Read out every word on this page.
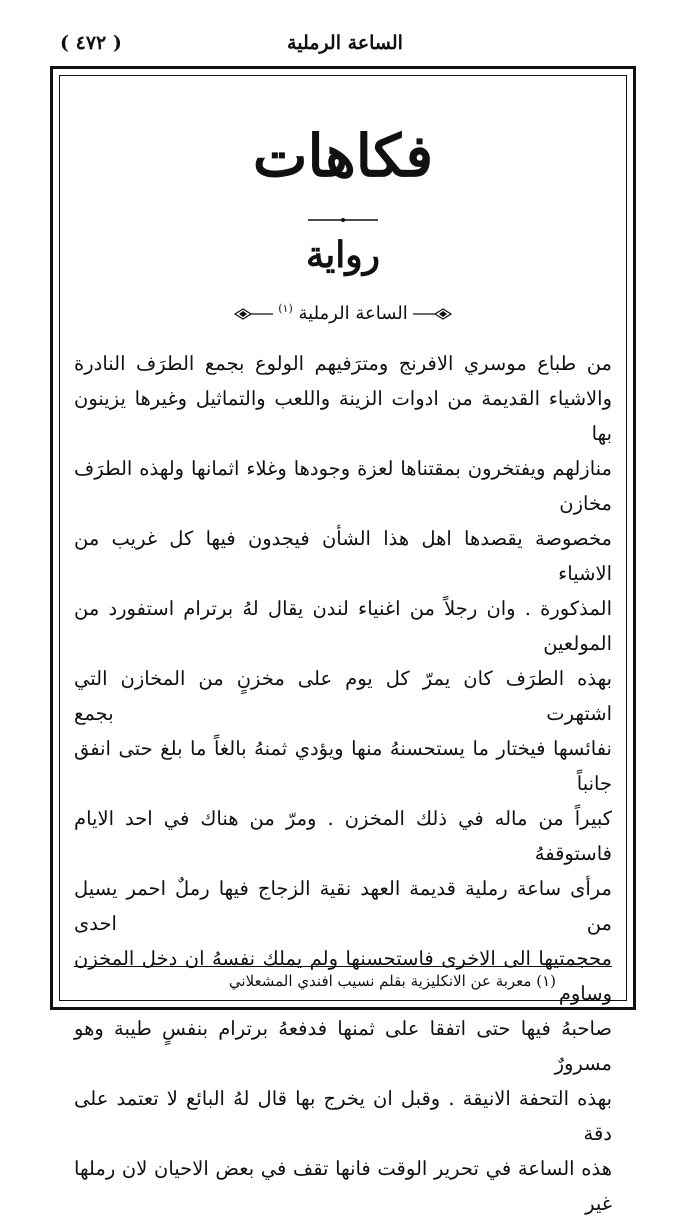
الساعة الرملية
( ٤٧٢ )
فكاهات
رواية
الساعة الرملية $^{(١)}$

من طباع موسري الافرنج ومترَفيهم الولوع بجمع الطرَف النادرة

والاشياء القديمة من ادوات الزينة واللعب والتماثيل وغيرها يزينون بها

منازلهم ويفتخرون بمقتناها لعزة وجودها وغلاء اثمانها ولهذه الطرَف مخازن

مخصوصة يقصدها اهل هذا الشأن فيجدون فيها كل غريب من الاشياء

المذكورة . وان رجلاً من اغنياء لندن يقال لهُ برترام استفورد من المولعين

بهذه الطرَف كان يمرّ كل يوم على مخزنٍ من المخازن التي اشتهرت بجمع

نفائسها فيختار ما يستحسنهُ منها ويؤدي ثمنهُ بالغاً ما بلغ حتى انفق جانباً

كبيراً من ماله في ذلك المخزن . ومرّ من هناك في احد الايام فاستوقفهُ

مرأى ساعة رملية قديمة العهد نقية الزجاج فيها رملٌ احمر يسيل من احدى

محجمتيها الى الاخرى فاستحسنها ولم يملك نفسهُ ان دخل المخزن وساوم

صاحبهُ فيها حتى اتفقا على ثمنها فدفعهُ برترام بنفسٍ طيبة وهو مسرورٌ

بهذه التحفة الانيقة . وقبل ان يخرج بها قال لهُ البائع لا تعتمد على دقة

هذه الساعة في تحرير الوقت فانها تقف في بعض الاحيان لان رملها غير

(١) معربة عن الانكليزية بقلم نسيب افندي المشعلاني
